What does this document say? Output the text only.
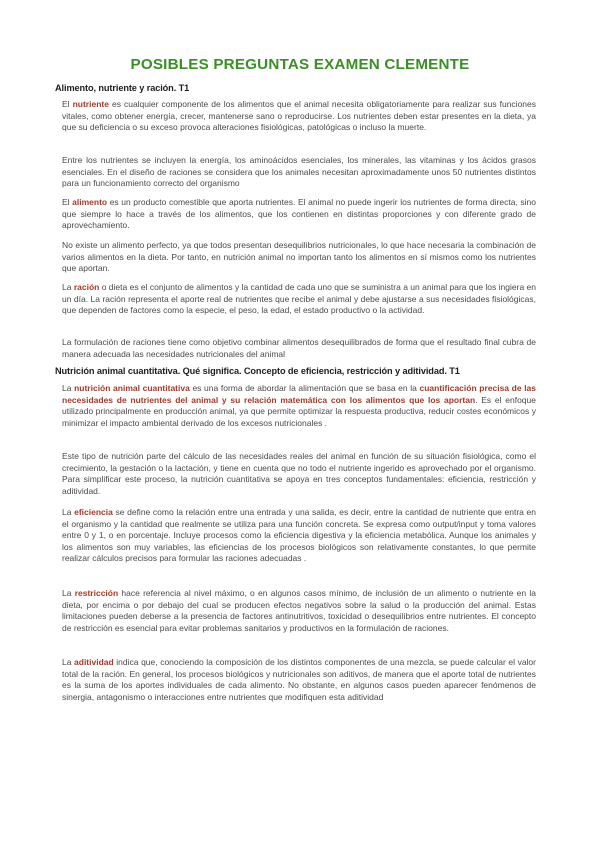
POSIBLES PREGUNTAS EXAMEN CLEMENTE
Alimento, nutriente y ración. T1

El nutriente es cualquier componente de los alimentos que el animal necesita obligatoriamente para realizar sus funciones vitales, como obtener energía, crecer, mantenerse sano o reproducirse. Los nutrientes deben estar presentes en la dieta, ya que su deficiencia o su exceso provoca alteraciones fisiológicas, patológicas o incluso la muerte.

Entre los nutrientes se incluyen la energía, los aminoácidos esenciales, los minerales, las vitaminas y los ácidos grasos esenciales. En el diseño de raciones se considera que los animales necesitan aproximadamente unos 50 nutrientes distintos para un funcionamiento correcto del organismo

El alimento es un producto comestible que aporta nutrientes. El animal no puede ingerir los nutrientes de forma directa, sino que siempre lo hace a través de los alimentos, que los contienen en distintas proporciones y con diferente grado de aprovechamiento.

No existe un alimento perfecto, ya que todos presentan desequilibrios nutricionales, lo que hace necesaria la combinación de varios alimentos en la dieta. Por tanto, en nutrición animal no importan tanto los alimentos en sí mismos como los nutrientes que aportan.

La ración o dieta es el conjunto de alimentos y la cantidad de cada uno que se suministra a un animal para que los ingiera en un día. La ración representa el aporte real de nutrientes que recibe el animal y debe ajustarse a sus necesidades fisiológicas, que dependen de factores como la especie, el peso, la edad, el estado productivo o la actividad.

La formulación de raciones tiene como objetivo combinar alimentos desequilibrados de forma que el resultado final cubra de manera adecuada las necesidades nutricionales del animal

Nutrición animal cuantitativa. Qué significa. Concepto de eficiencia, restricción y aditividad. T1

La nutrición animal cuantitativa es una forma de abordar la alimentación que se basa en la cuantificación precisa de las necesidades de nutrientes del animal y su relación matemática con los alimentos que los aportan. Es el enfoque utilizado principalmente en producción animal, ya que permite optimizar la respuesta productiva, reducir costes económicos y minimizar el impacto ambiental derivado de los excesos nutricionales .

Este tipo de nutrición parte del cálculo de las necesidades reales del animal en función de su situación fisiológica, como el crecimiento, la gestación o la lactación, y tiene en cuenta que no todo el nutriente ingerido es aprovechado por el organismo. Para simplificar este proceso, la nutrición cuantitativa se apoya en tres conceptos fundamentales: eficiencia, restricción y aditividad.

La eficiencia se define como la relación entre una entrada y una salida, es decir, entre la cantidad de nutriente que entra en el organismo y la cantidad que realmente se utiliza para una función concreta. Se expresa como output/input y toma valores entre 0 y 1, o en porcentaje. Incluye procesos como la eficiencia digestiva y la eficiencia metabólica. Aunque los animales y los alimentos son muy variables, las eficiencias de los procesos biológicos son relativamente constantes, lo que permite realizar cálculos precisos para formular las raciones adecuadas .

La restricción hace referencia al nivel máximo, o en algunos casos mínimo, de inclusión de un alimento o nutriente en la dieta, por encima o por debajo del cual se producen efectos negativos sobre la salud o la producción del animal. Estas limitaciones pueden deberse a la presencia de factores antinutritivos, toxicidad o desequilibrios entre nutrientes. El concepto de restricción es esencial para evitar problemas sanitarios y productivos en la formulación de raciones.

La aditividad indica que, conociendo la composición de los distintos componentes de una mezcla, se puede calcular el valor total de la ración. En general, los procesos biológicos y nutricionales son aditivos, de manera que el aporte total de nutrientes es la suma de los aportes individuales de cada alimento. No obstante, en algunos casos pueden aparecer fenómenos de sinergia, antagonismo o interacciones entre nutrientes que modifiquen esta aditividad
